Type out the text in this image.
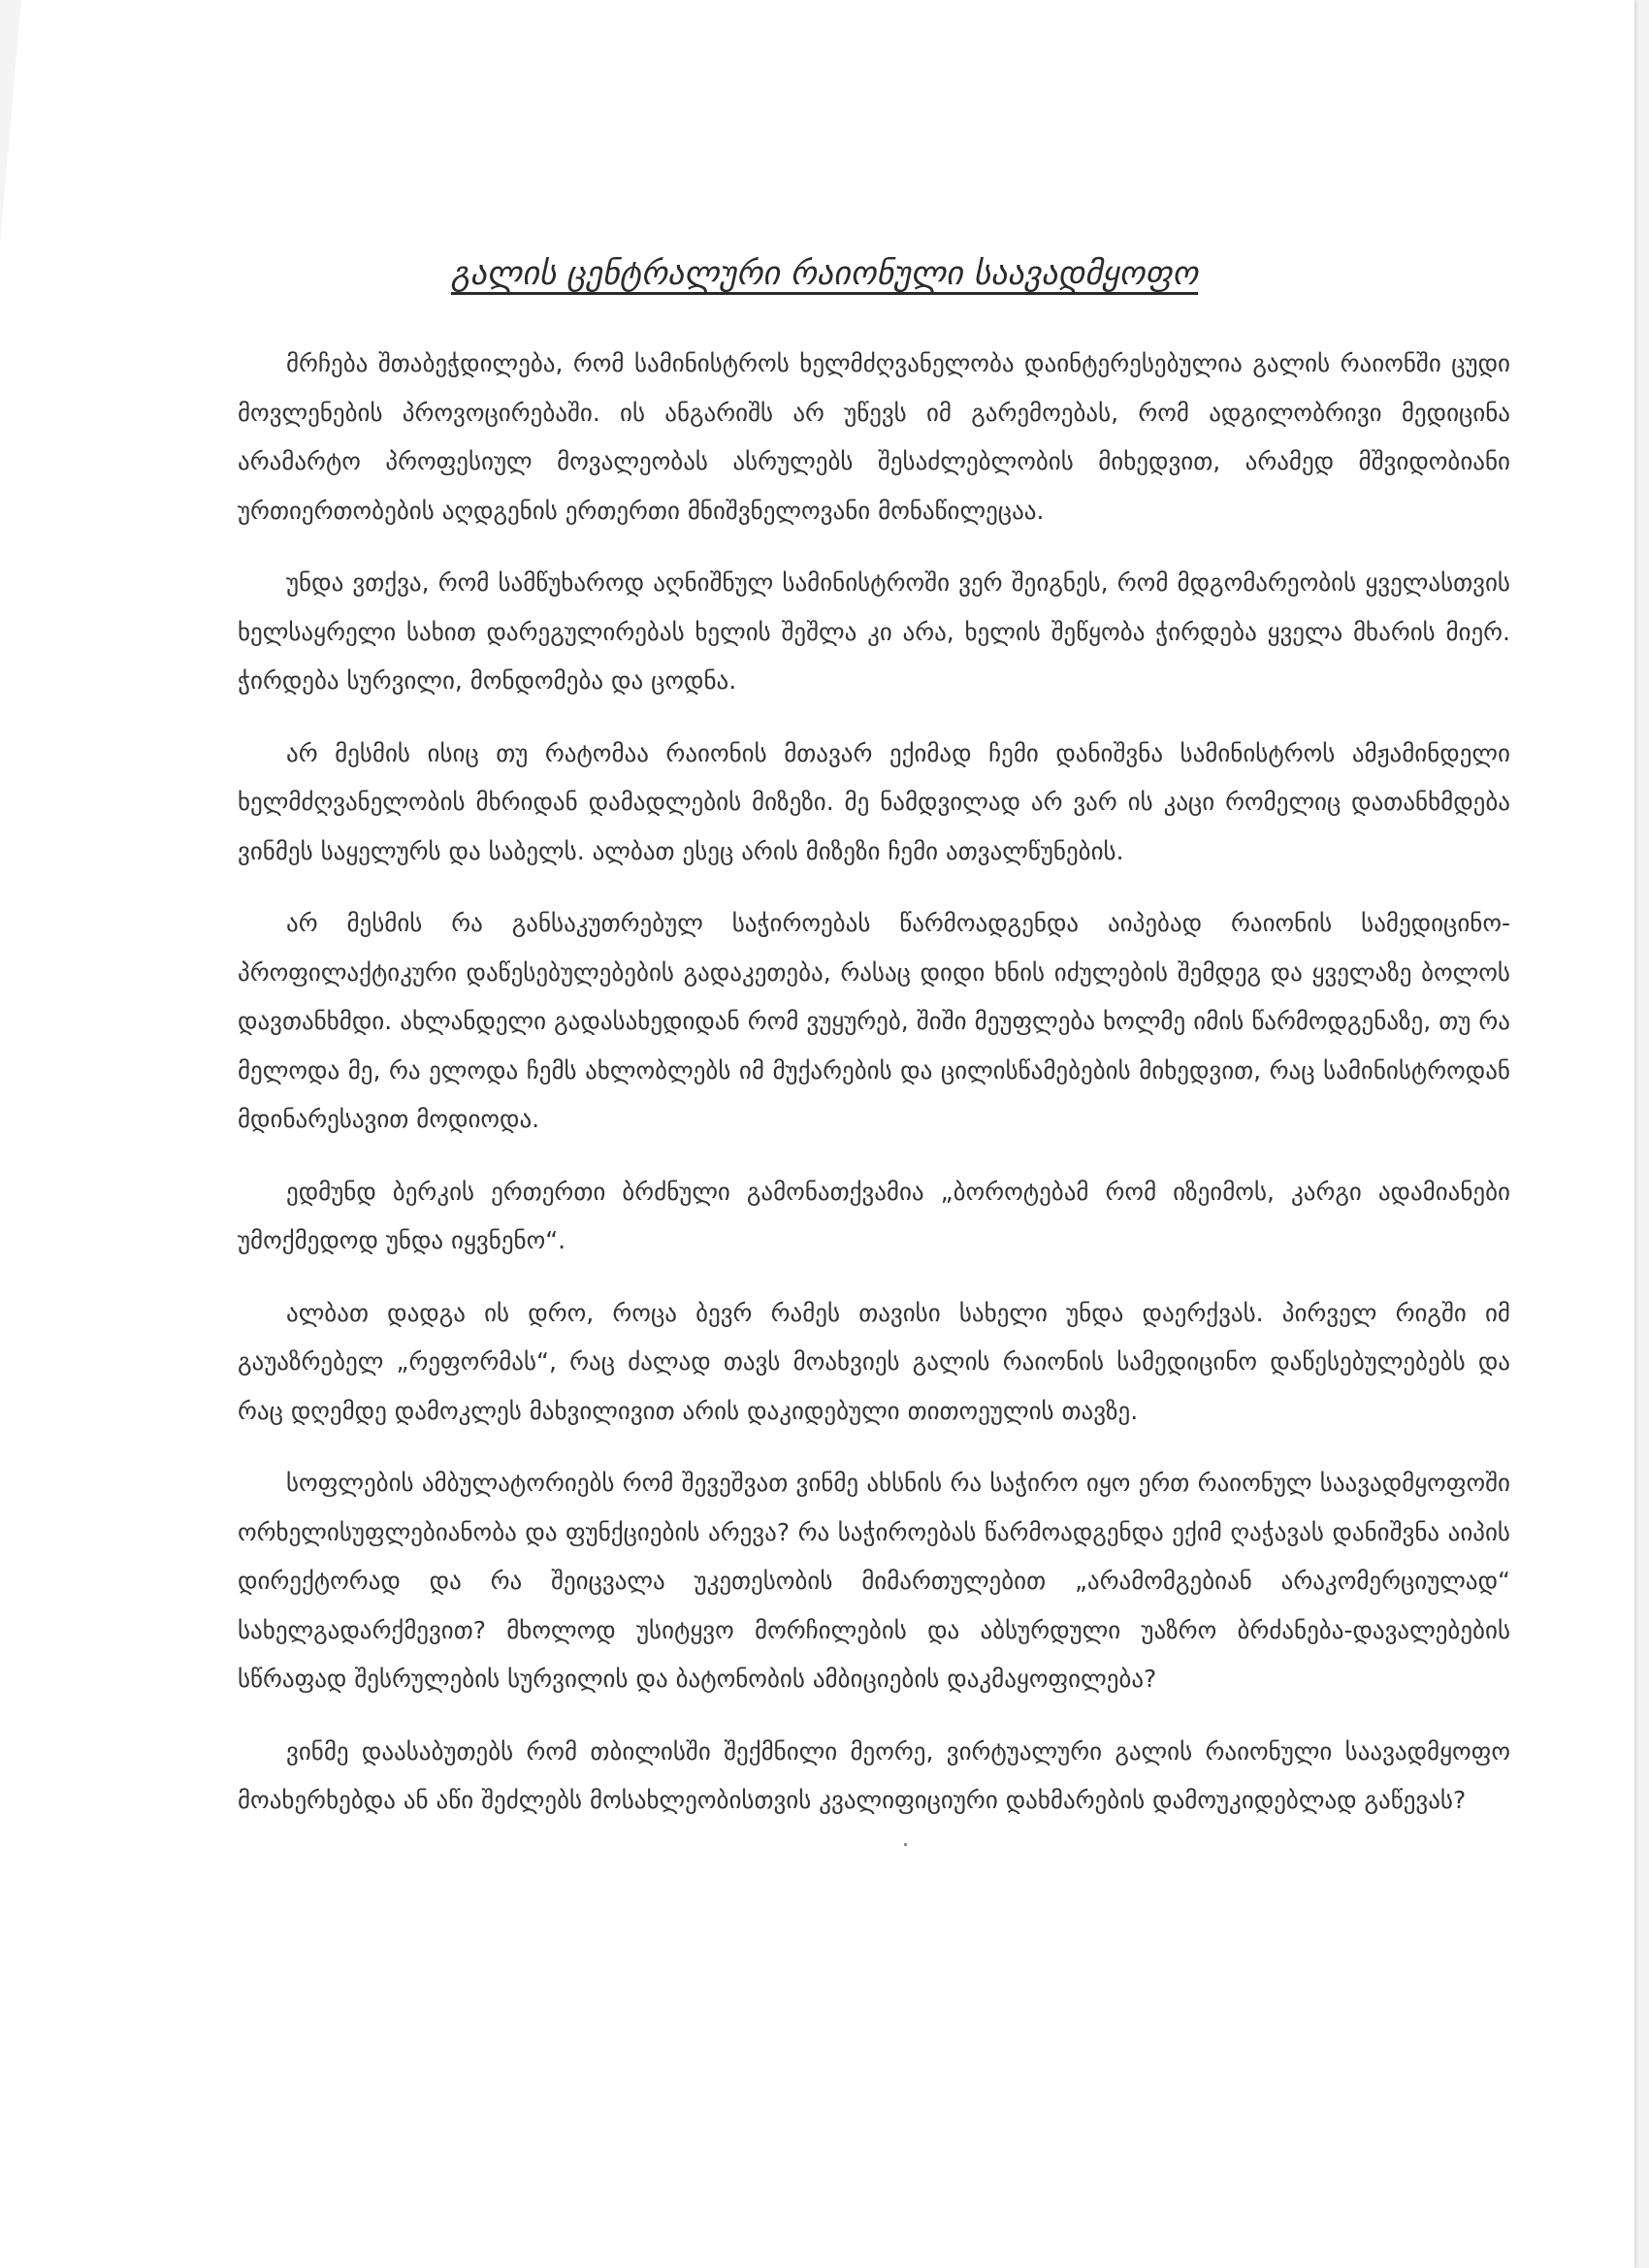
გალის ცენტრალური რაიონული საავადმყოფო

მრჩება შთაბეჭდილება, რომ სამინისტროს ხელმძღვანელობა დაინტერესებულია გალის რაიონში ცუდი მოვლენების პროვოცირებაში. ის ანგარიშს არ უწევს იმ გარემოებას, რომ ადგილობრივი მედიცინა არამარტო პროფესიულ მოვალეობას ასრულებს შესაძლებლობის მიხედვით, არამედ მშვიდობიანი ურთიერთობების აღდგენის ერთერთი მნიშვნელოვანი მონაწილეცაა.

უნდა ვთქვა, რომ სამწუხაროდ აღნიშნულ სამინისტროში ვერ შეიგნეს, რომ მდგომარეობის ყველასთვის ხელსაყრელი სახით დარეგულირებას ხელის შეშლა კი არა, ხელის შეწყობა ჭირდება ყველა მხარის მიერ. ჭირდება სურვილი, მონდომება და ცოდნა.

არ მესმის ისიც თუ რატომაა რაიონის მთავარ ექიმად ჩემი დანიშვნა სამინისტროს ამჟამინდელი ხელმძღვანელობის მხრიდან დამადლების მიზეზი. მე ნამდვილად არ ვარ ის კაცი რომელიც დათანხმდება ვინმეს საყელურს და საბელს. ალბათ ესეც არის მიზეზი ჩემი ათვალწუნების.

არ მესმის რა განსაკუთრებულ საჭიროებას წარმოადგენდა აიპებად რაიონის სამედიცინო-პროფილაქტიკური დაწესებულებების გადაკეთება, რასაც დიდი ხნის იძულების შემდეგ და ყველაზე ბოლოს დავთანხმდი. ახლანდელი გადასახედიდან რომ ვუყურებ, შიში მეუფლება ხოლმე იმის წარმოდგენაზე, თუ რა მელოდა მე, რა ელოდა ჩემს ახლობლებს იმ მუქარების და ცილისწამებების მიხედვით, რაც სამინისტროდან მდინარესავით მოდიოდა.

ედმუნდ ბერკის ერთერთი ბრძნული გამონათქვამია „ბოროტებამ რომ იზეიმოს, კარგი ადამიანები უმოქმედოდ უნდა იყვნენო“.

ალბათ დადგა ის დრო, როცა ბევრ რამეს თავისი სახელი უნდა დაერქვას. პირველ რიგში იმ გაუაზრებელ „რეფორმას“, რაც ძალად თავს მოახვიეს გალის რაიონის სამედიცინო დაწესებულებებს და რაც დღემდე დამოკლეს მახვილივით არის დაკიდებული თითოეულის თავზე.

სოფლების ამბულატორიებს რომ შევეშვათ ვინმე ახსნის რა საჭირო იყო ერთ რაიონულ საავადმყოფოში ორხელისუფლებიანობა და ფუნქციების არევა? რა საჭიროებას წარმოადგენდა ექიმ ღაჭავას დანიშვნა აიპის დირექტორად და რა შეიცვალა უკეთესობის მიმართულებით „არამომგებიან არაკომერციულად“ სახელგადარქმევით? მხოლოდ უსიტყვო მორჩილების და აბსურდული უაზრო ბრძანება-დავალებების სწრაფად შესრულების სურვილის და ბატონობის ამბიციების დაკმაყოფილება?

ვინმე დაასაბუთებს რომ თბილისში შექმნილი მეორე, ვირტუალური გალის რაიონული საავადმყოფო მოახერხებდა ან აწი შეძლებს მოსახლეობისთვის კვალიფიციური დახმარების დამოუკიდებლად გაწევას?
